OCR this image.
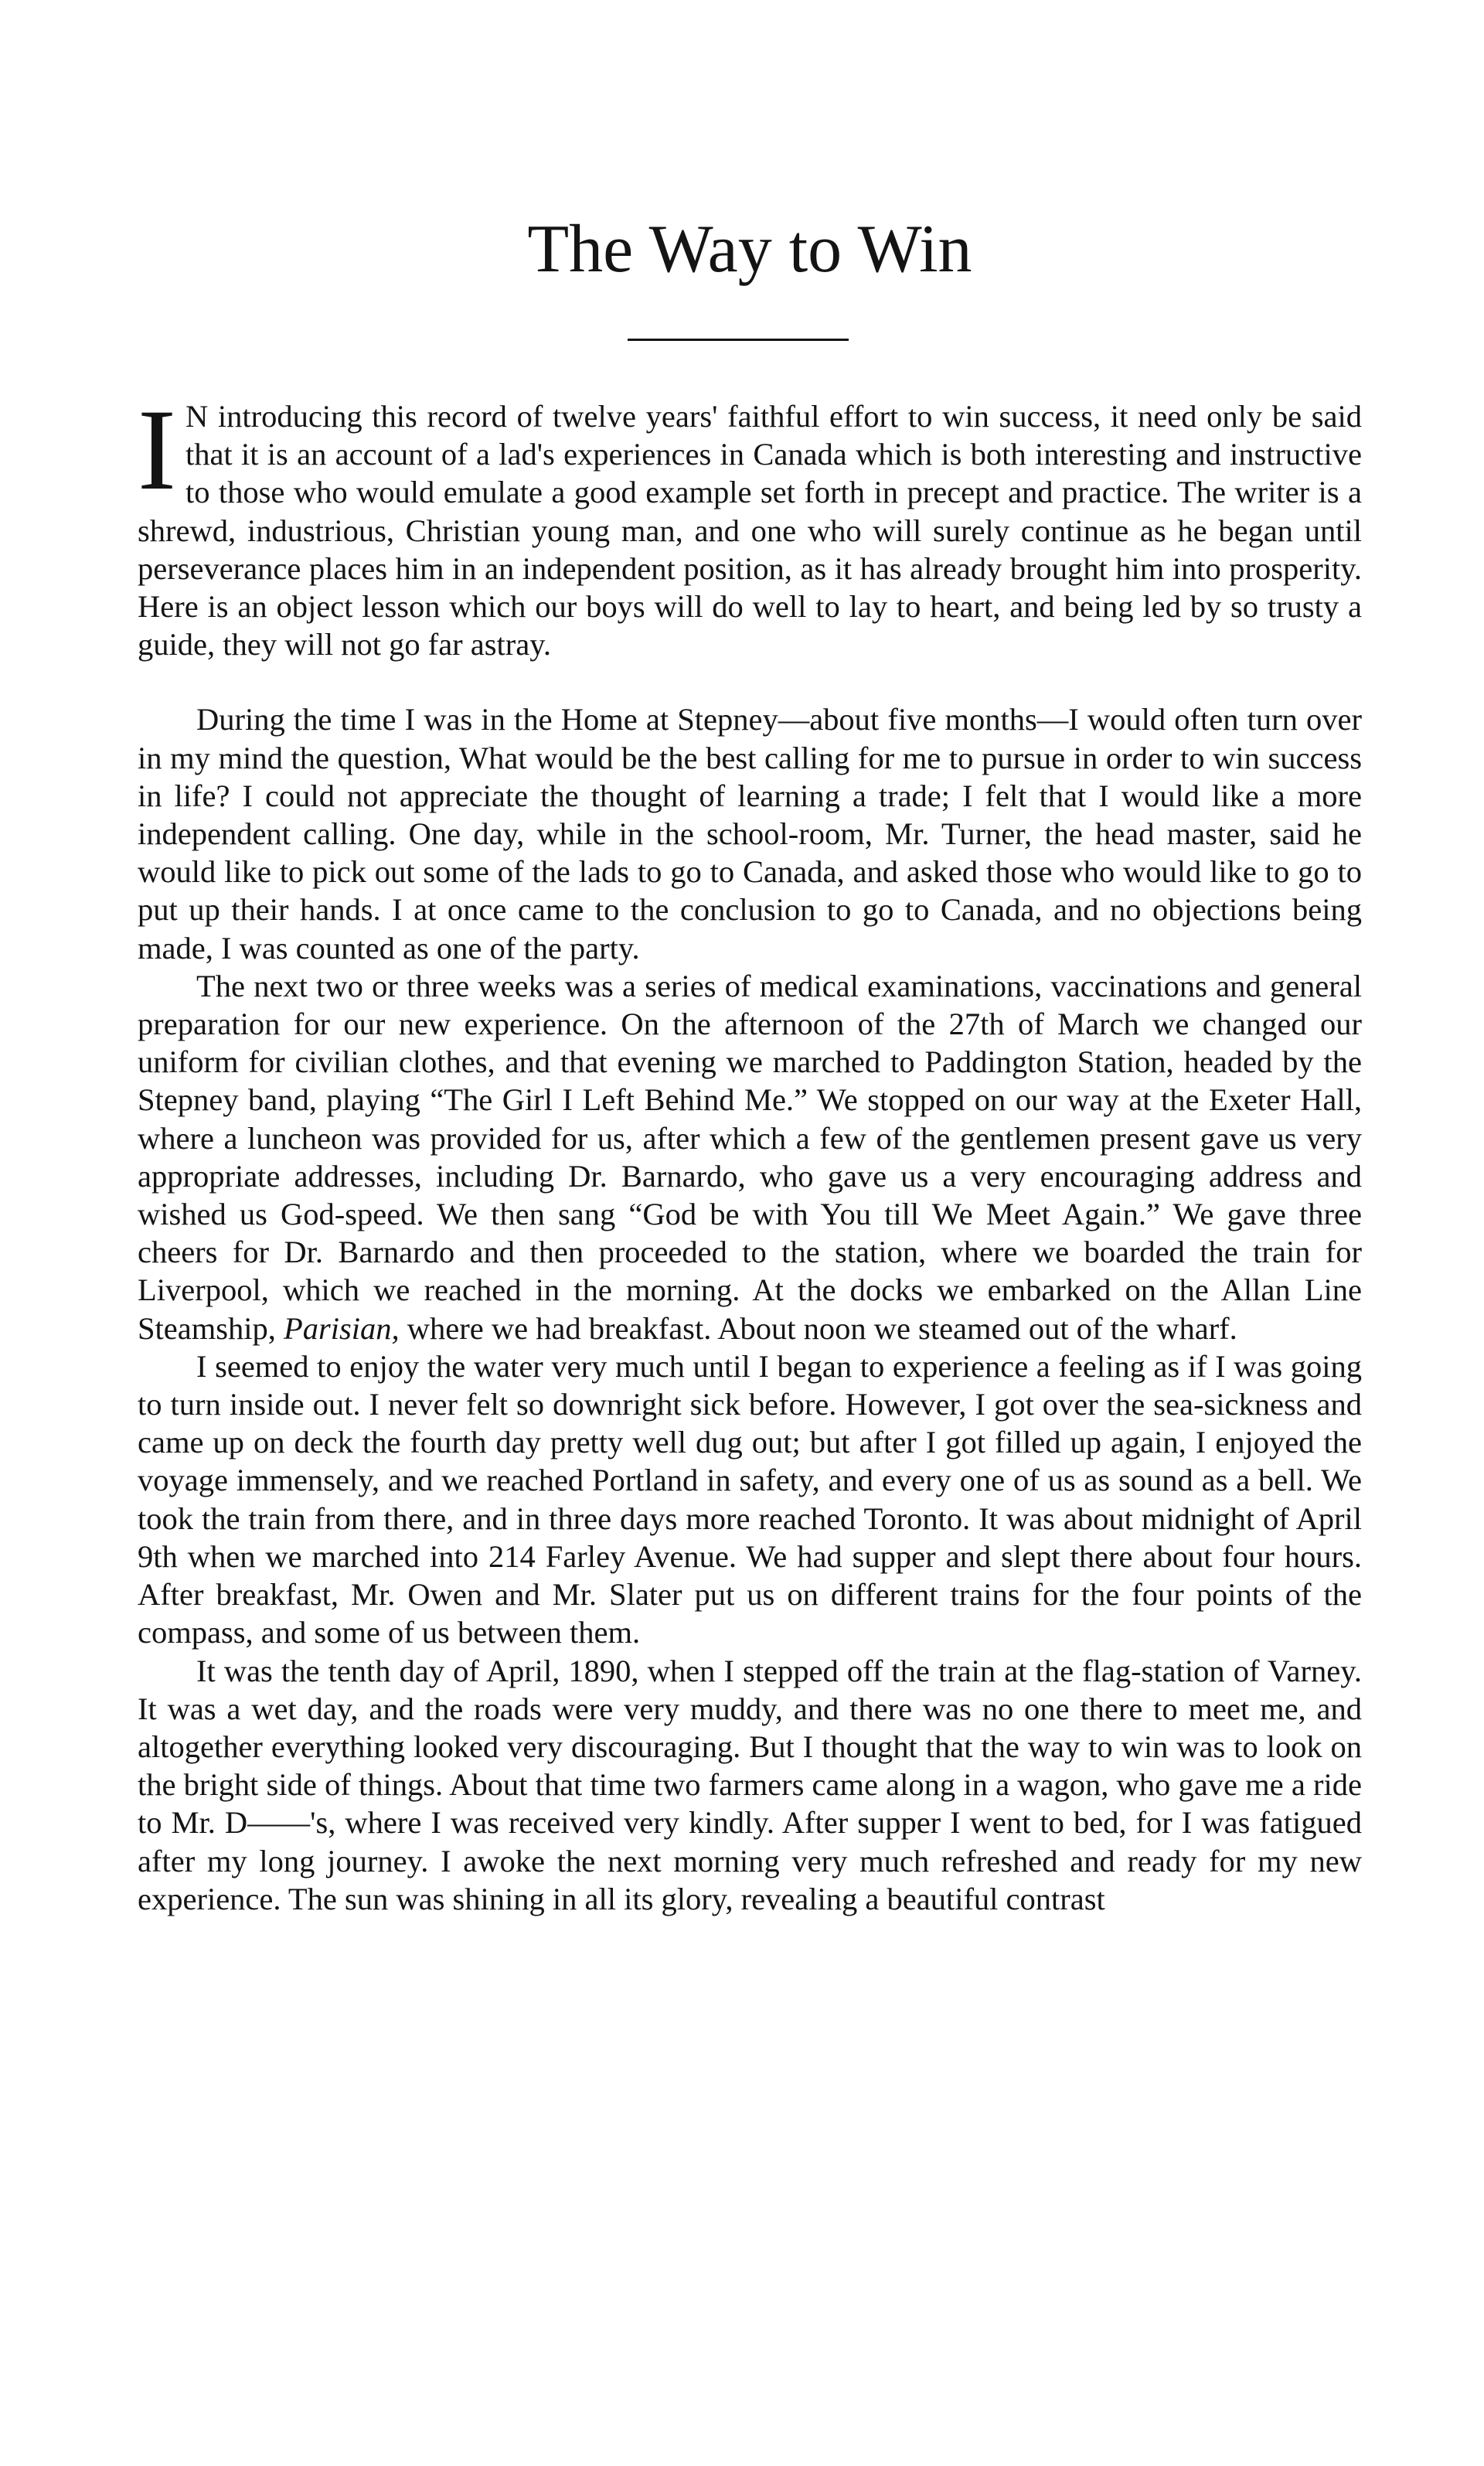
The Way to Win

I N introducing this record of twelve years' faithful effort to win success, it need only be said that it is an account of a lad's experiences in Canada which is both interesting and instructive to those who would emulate a good example set forth in precept and practice. The writer is a shrewd, industrious, Christian young man, and one who will surely continue as he began until perseverance places him in an independent position, as it has already brought him into prosperity. Here is an object lesson which our boys will do well to lay to heart, and being led by so trusty a guide, they will not go far astray.

During the time I was in the Home at Stepney—about five months—I would often turn over in my mind the question, What would be the best calling for me to pursue in order to win success in life? I could not appreciate the thought of learning a trade; I felt that I would like a more independent calling. One day, while in the school-room, Mr. Turner, the head master, said he would like to pick out some of the lads to go to Canada, and asked those who would like to go to put up their hands. I at once came to the conclusion to go to Canada, and no objections being made, I was counted as one of the party.

The next two or three weeks was a series of medical examinations, vaccinations and general preparation for our new experience. On the afternoon of the 27th of March we changed our uniform for civilian clothes, and that evening we marched to Paddington Station, headed by the Stepney band, playing “The Girl I Left Behind Me.” We stopped on our way at the Exeter Hall, where a luncheon was provided for us, after which a few of the gentlemen present gave us very appropriate addresses, including Dr. Barnardo, who gave us a very encouraging address and wished us God-speed. We then sang “God be with You till We Meet Again.” We gave three cheers for Dr. Barnardo and then proceeded to the station, where we boarded the train for Liverpool, which we reached in the morning. At the docks we embarked on the Allan Line Steamship, Parisian, where we had breakfast. About noon we steamed out of the wharf.

I seemed to enjoy the water very much until I began to experience a feeling as if I was going to turn inside out. I never felt so downright sick before. However, I got over the sea-sickness and came up on deck the fourth day pretty well dug out; but after I got filled up again, I enjoyed the voyage immensely, and we reached Portland in safety, and every one of us as sound as a bell. We took the train from there, and in three days more reached Toronto. It was about midnight of April 9th when we marched into 214 Farley Avenue. We had supper and slept there about four hours. After breakfast, Mr. Owen and Mr. Slater put us on different trains for the four points of the compass, and some of us between them.

It was the tenth day of April, 1890, when I stepped off the train at the flag-station of Varney. It was a wet day, and the roads were very muddy, and there was no one there to meet me, and altogether everything looked very discouraging. But I thought that the way to win was to look on the bright side of things. About that time two farmers came along in a wagon, who gave me a ride to Mr. D——'s, where I was received very kindly. After supper I went to bed, for I was fatigued after my long journey. I awoke the next morning very much refreshed and ready for my new experience. The sun was shining in all its glory, revealing a beautiful contrast
